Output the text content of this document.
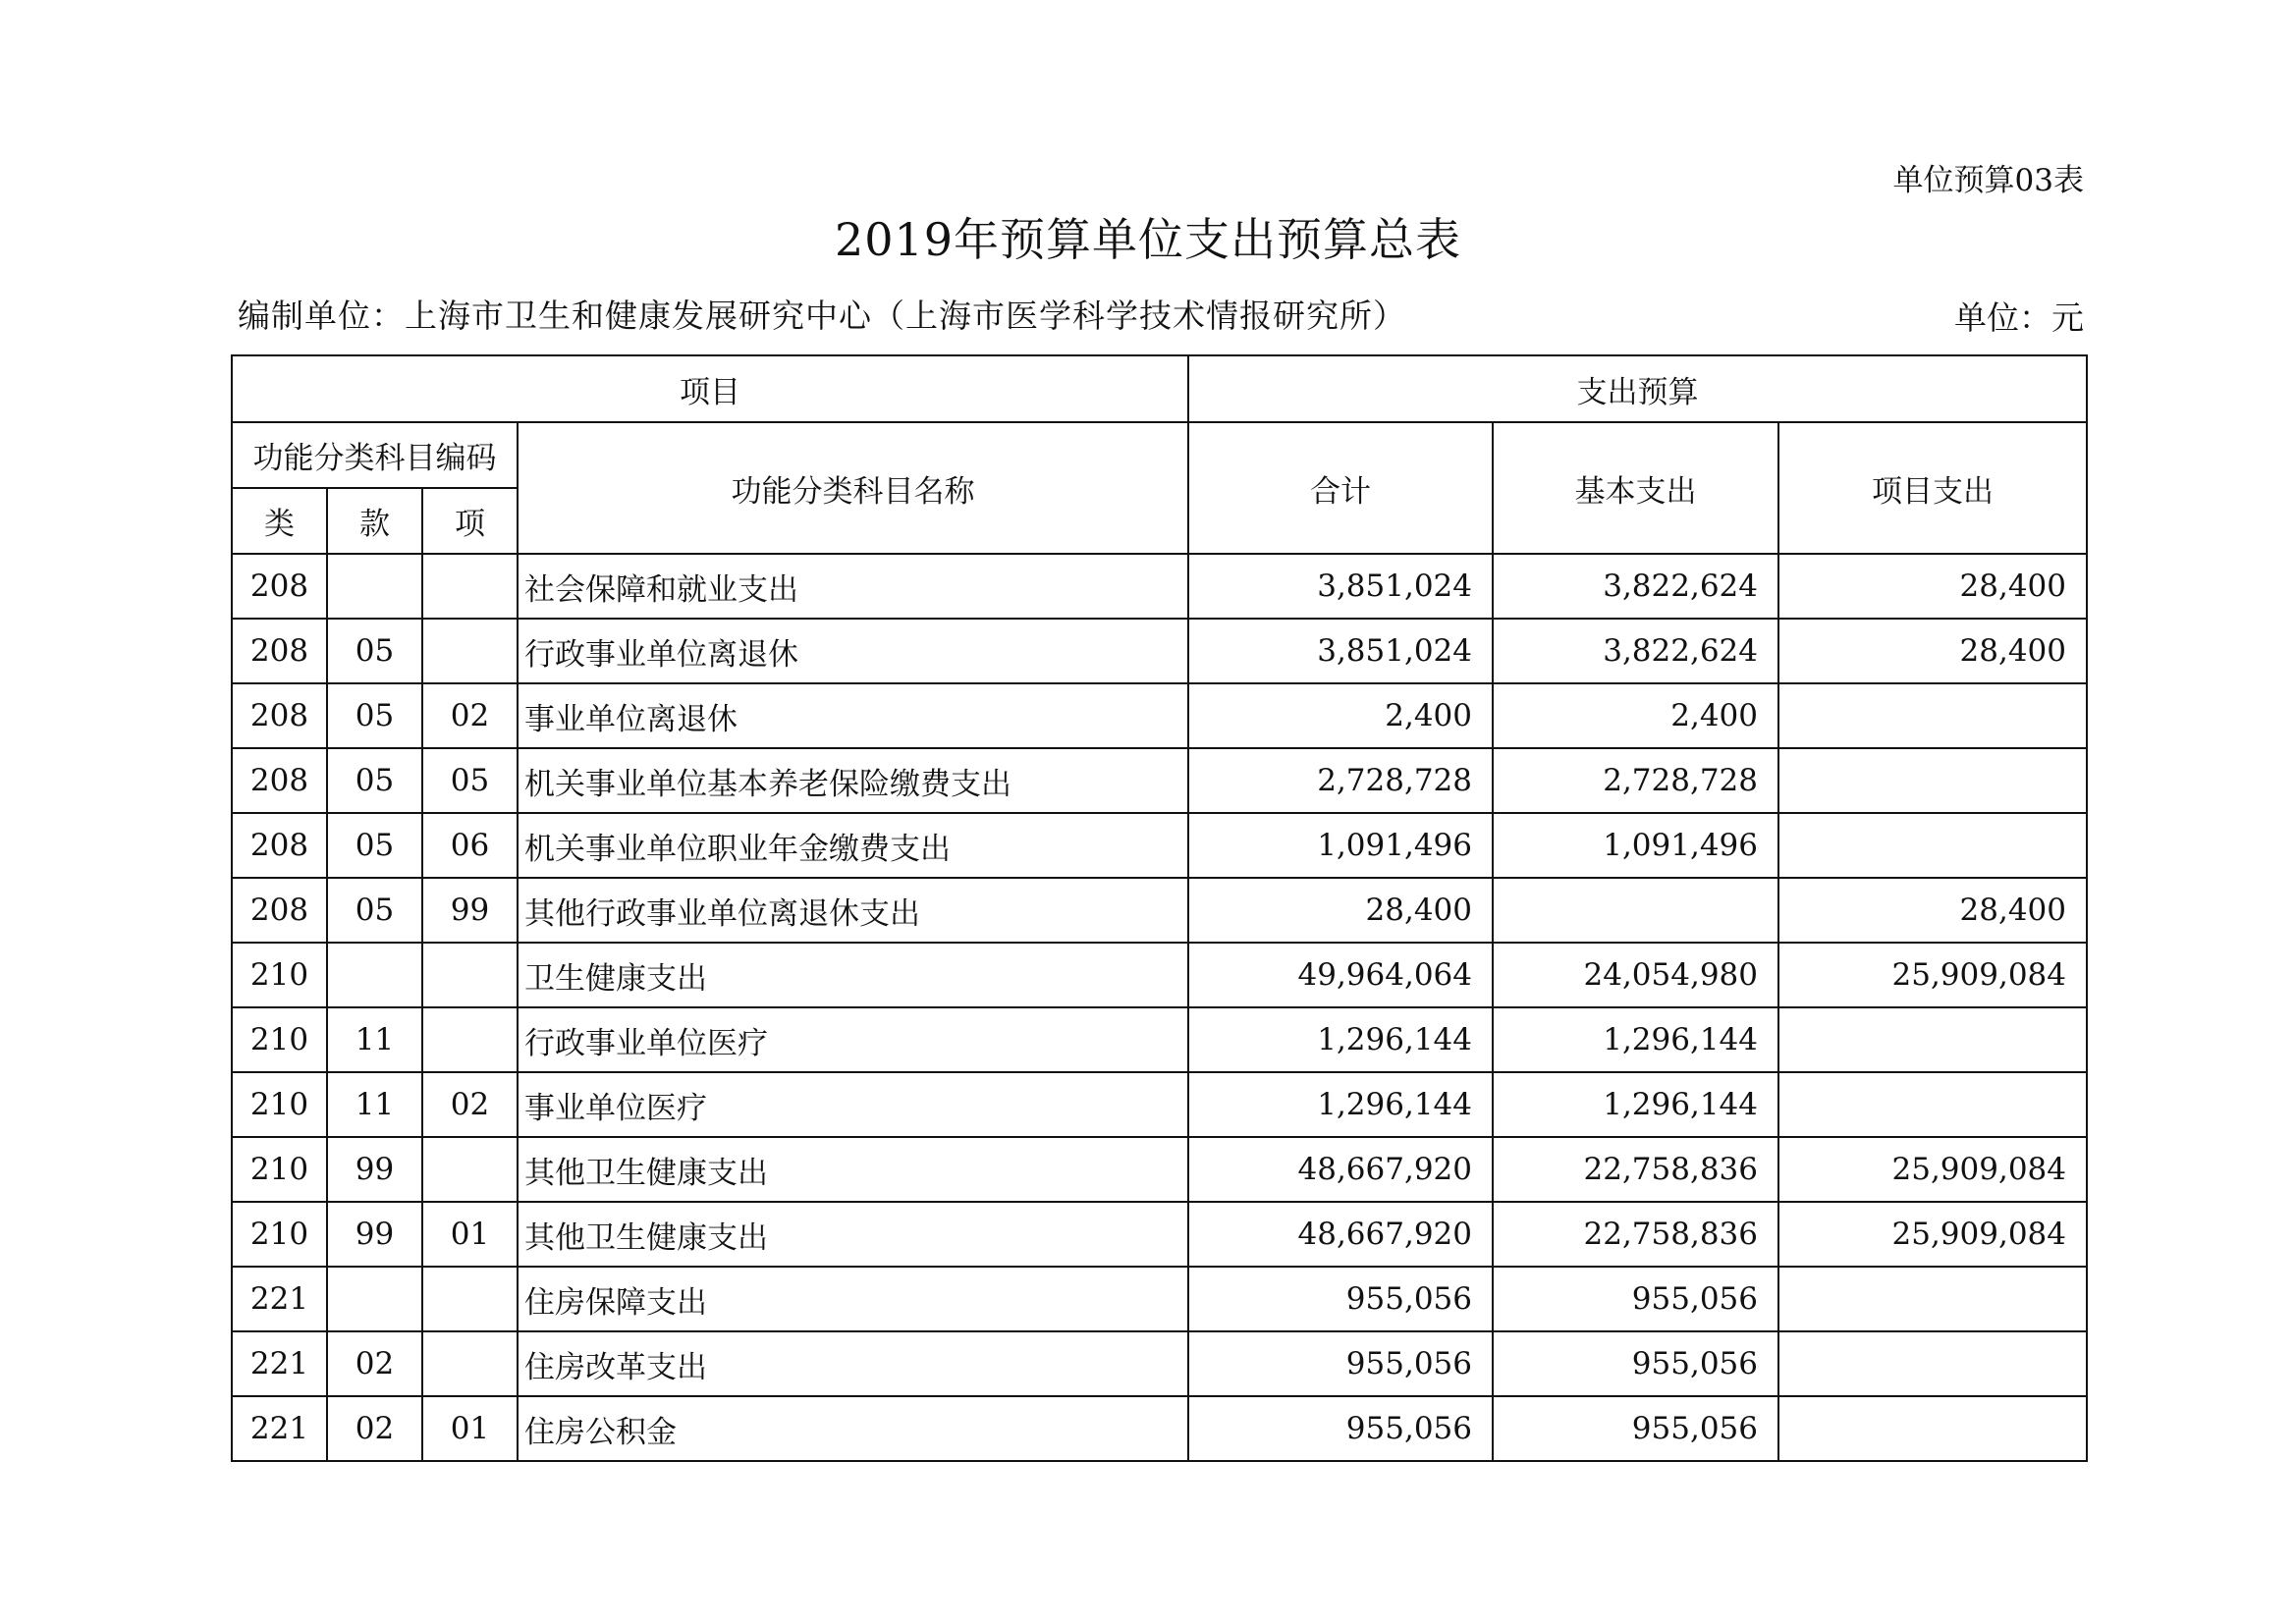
单位预算03表
2019年预算单位支出预算总表
编制单位：上海市卫生和健康发展研究中心（上海市医学科学技术情报研究所）	单位：元
项目				支出预算		
功能分类科目编码			功能分类科目名称	合计	基本支出	项目支出
类	款	项				
208			社会保障和就业支出	3,851,024	3,822,624	28,400
208	05		行政事业单位离退休	3,851,024	3,822,624	28,400
208	05	02	事业单位离退休	2,400	2,400	
208	05	05	机关事业单位基本养老保险缴费支出	2,728,728	2,728,728	
208	05	06	机关事业单位职业年金缴费支出	1,091,496	1,091,496	
208	05	99	其他行政事业单位离退休支出	28,400		28,400
210			卫生健康支出	49,964,064	24,054,980	25,909,084
210	11		行政事业单位医疗	1,296,144	1,296,144	
210	11	02	事业单位医疗	1,296,144	1,296,144	
210	99		其他卫生健康支出	48,667,920	22,758,836	25,909,084
210	99	01	其他卫生健康支出	48,667,920	22,758,836	25,909,084
221			住房保障支出	955,056	955,056	
221	02		住房改革支出	955,056	955,056	
221	02	01	住房公积金	955,056	955,056	
